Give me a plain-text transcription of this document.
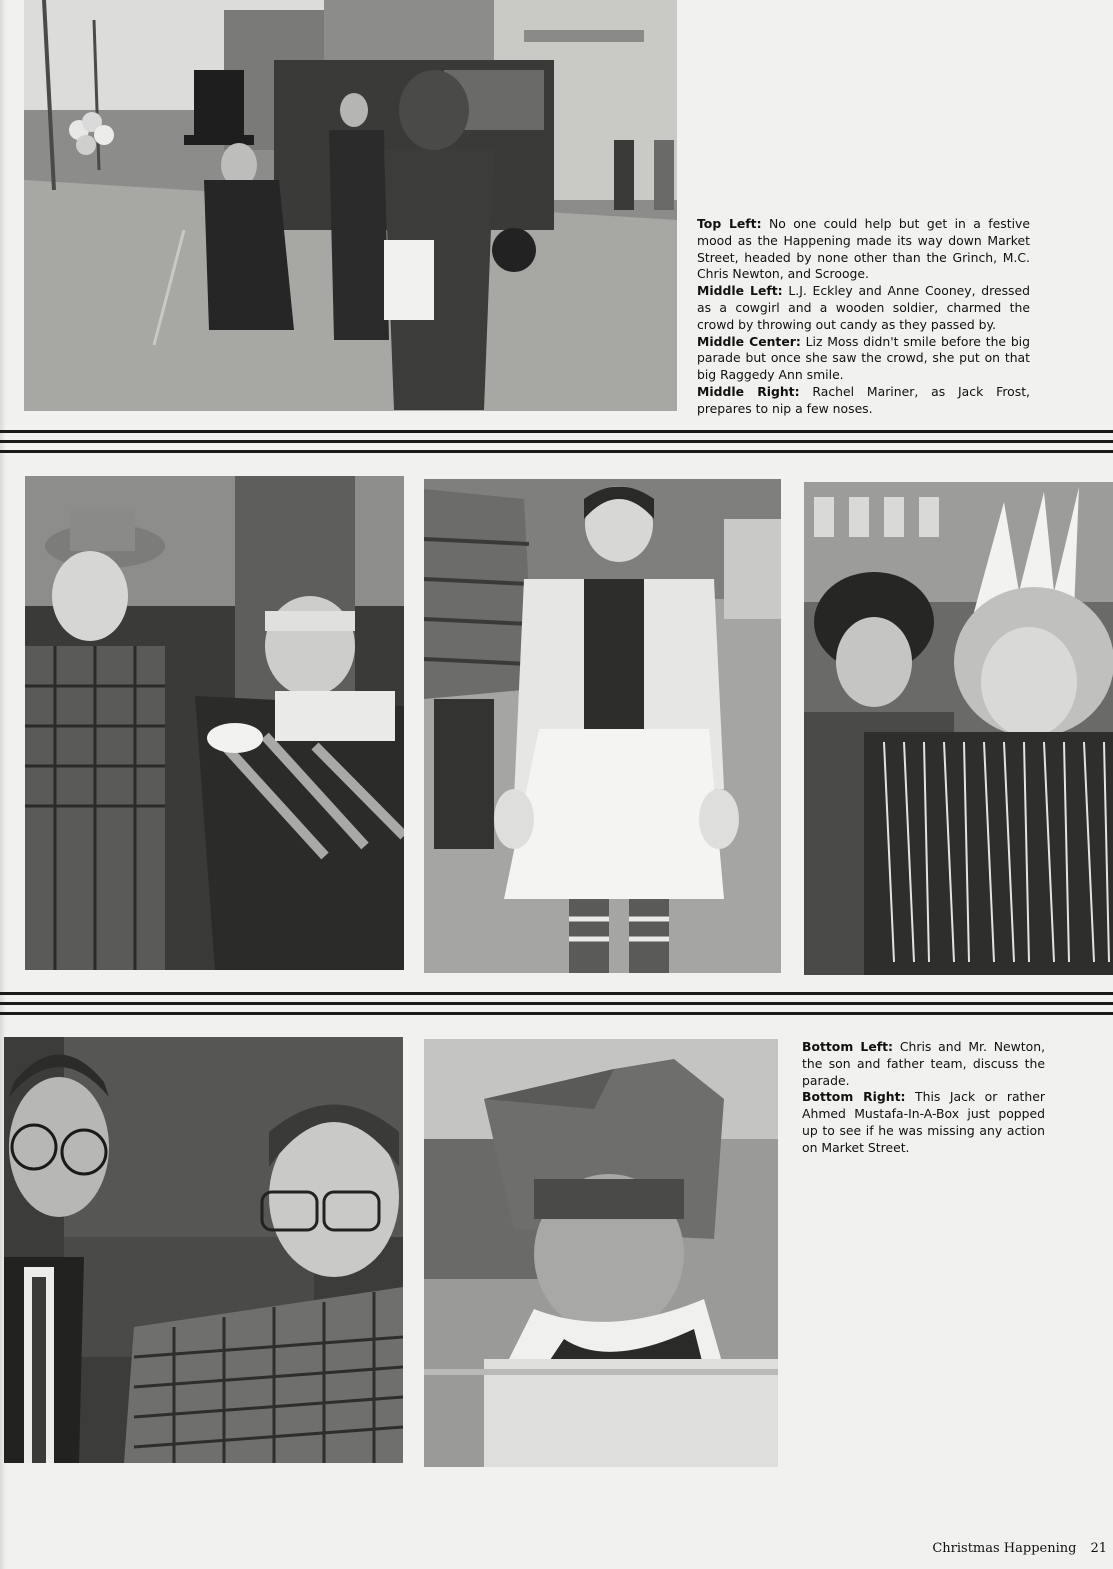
Top Left: No one could help but get in a festive mood as the Happening made its way down Market Street, headed by none other than the Grinch, M.C. Chris Newton, and Scrooge.

Middle Left: L.J. Eckley and Anne Cooney, dressed as a cowgirl and a wooden soldier, charmed the crowd by throwing out candy as they passed by.

Middle Center: Liz Moss didn't smile before the big parade but once she saw the crowd, she put on that big Raggedy Ann smile.

Middle Right: Rachel Mariner, as Jack Frost, prepares to nip a few noses.

Bottom Left: Chris and Mr. Newton, the son and father team, discuss the parade.

Bottom Right: This Jack or rather Ahmed Mustafa-In-A-Box just popped up to see if he was missing any action on Market Street.

Christmas Happening 21
